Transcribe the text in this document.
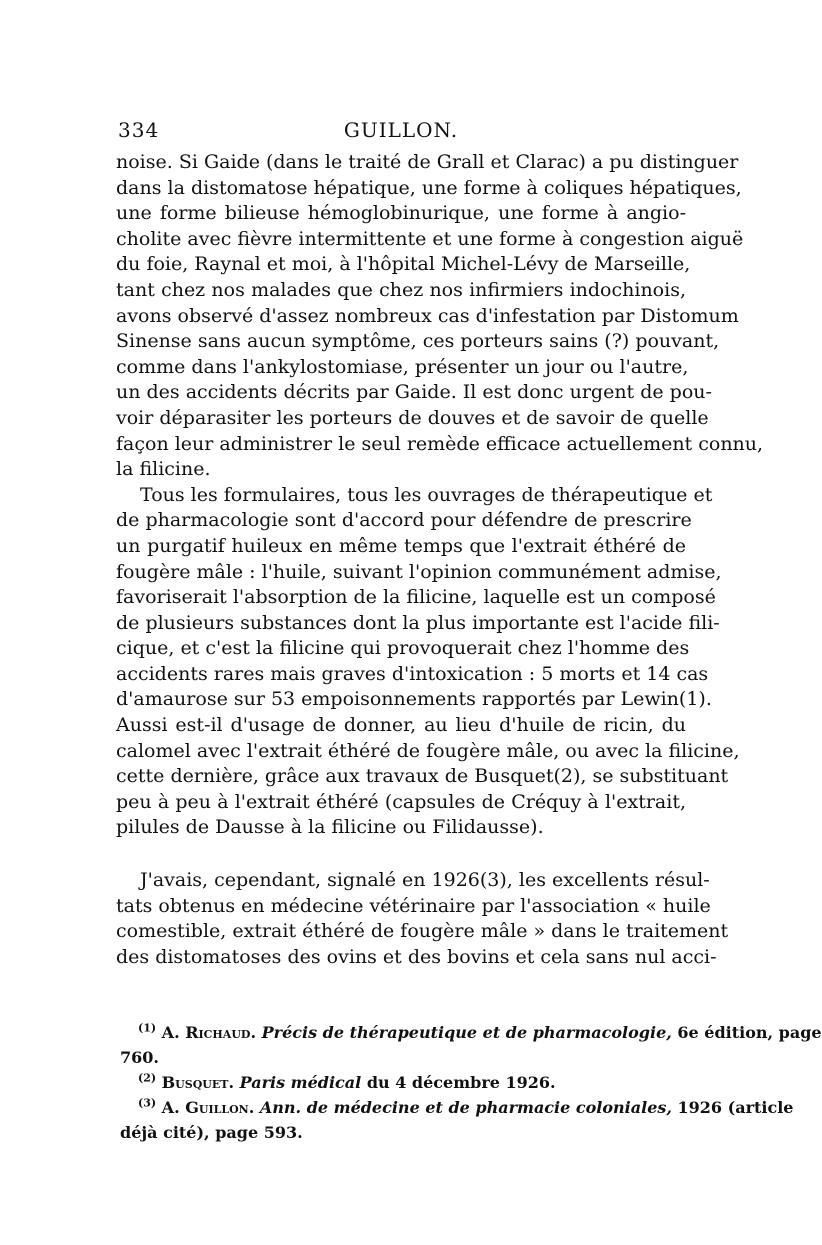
334	GUILLON.
noise. Si Gaide (dans le traité de Grall et Clarac) a pu distinguer
dans la distomatose hépatique, une forme à coliques hépatiques,
une forme bilieuse hémoglobinurique, une forme à angio-
cholite avec fièvre intermittente et une forme à congestion aiguë
du foie, Raynal et moi, à l'hôpital Michel-Lévy de Marseille,
tant chez nos malades que chez nos infirmiers indochinois,
avons observé d'assez nombreux cas d'infestation par Distomum
Sinense sans aucun symptôme, ces porteurs sains (?) pouvant,
comme dans l'ankylostomiase, présenter un jour ou l'autre,
un des accidents décrits par Gaide. Il est donc urgent de pou-
voir déparasiter les porteurs de douves et de savoir de quelle
façon leur administrer le seul remède efficace actuellement connu,
la filicine.
Tous les formulaires, tous les ouvrages de thérapeutique et
de pharmacologie sont d'accord pour défendre de prescrire
un purgatif huileux en même temps que l'extrait éthéré de
fougère mâle : l'huile, suivant l'opinion communément admise,
favoriserait l'absorption de la filicine, laquelle est un composé
de plusieurs substances dont la plus importante est l'acide fili-
cique, et c'est la filicine qui provoquerait chez l'homme des
accidents rares mais graves d'intoxication : 5 morts et 14 cas
d'amaurose sur 53 empoisonnements rapportés par Lewin(1).
Aussi est-il d'usage de donner, au lieu d'huile de ricin, du
calomel avec l'extrait éthéré de fougère mâle, ou avec la filicine,
cette dernière, grâce aux travaux de Busquet(2), se substituant
peu à peu à l'extrait éthéré (capsules de Créquy à l'extrait,
pilules de Dausse à la filicine ou Filidausse).
J'avais, cependant, signalé en 1926(3), les excellents résul-
tats obtenus en médecine vétérinaire par l'association « huile
comestible, extrait éthéré de fougère mâle » dans le traitement
des distomatoses des ovins et des bovins et cela sans nul acci-
$^{(1)}$ A. Richaud. Précis de thérapeutique et de pharmacologie, 6e édition, page
760.
$^{(2)}$ Busquet. Paris médical du 4 décembre 1926.
$^{(3)}$ A. Guillon. Ann. de médecine et de pharmacie coloniales, 1926 (article
déjà cité), page 593.
